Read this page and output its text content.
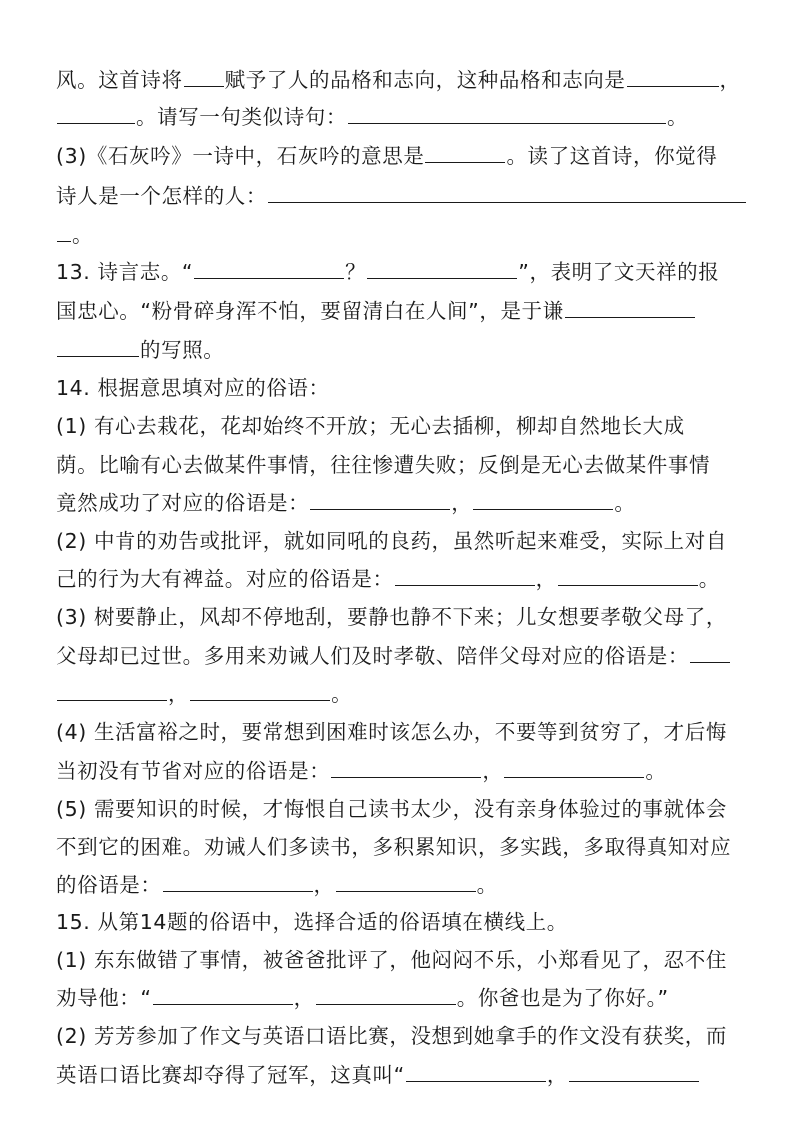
风。这首诗将 赋予了人的品格和志向，这种品格和志向是	，
。请写一句类似诗句：	。
(3)《石灰吟》一诗中，石灰吟的意思是	。读了这首诗，你觉得
诗人是一个怎样的人：
。
13. 诗言志。“	？	”，表明了文天祥的报
国忠心。“粉骨碎身浑不怕，要留清白在人间”，是于谦
的写照。
14. 根据意思填对应的俗语：
(1) 有心去栽花，花却始终不开放；无心去插柳，柳却自然地长大成
荫。比喻有心去做某件事情，往往惨遭失败；反倒是无心去做某件事情
竟然成功了对应的俗语是：	，	。
(2) 中肯的劝告或批评，就如同吼的良药，虽然听起来难受，实际上对自
己的行为大有裨益。对应的俗语是：	，	。
(3) 树要静止，风却不停地刮，要静也静不下来；儿女想要孝敬父母了，
父母却已过世。多用来劝诫人们及时孝敬、陪伴父母对应的俗语是：
，	。
(4) 生活富裕之时，要常想到困难时该怎么办，不要等到贫穷了，才后悔
当初没有节省对应的俗语是：	，	。
(5) 需要知识的时候，才悔恨自己读书太少，没有亲身体验过的事就体会
不到它的困难。劝诫人们多读书，多积累知识，多实践，多取得真知对应
的俗语是：	，	。
15. 从第14题的俗语中，选择合适的俗语填在横线上。
(1) 东东做错了事情，被爸爸批评了，他闷闷不乐，小郑看见了，忍不住
劝导他：“	，	。你爸也是为了你好。”
(2) 芳芳参加了作文与英语口语比赛，没想到她拿手的作文没有获奖，而
英语口语比赛却夺得了冠军，这真叫“	，
